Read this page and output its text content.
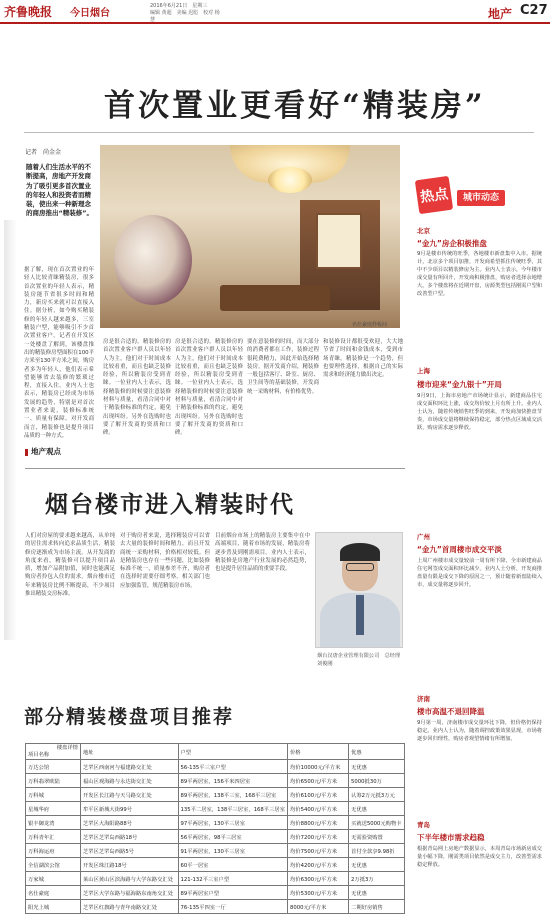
齐鲁晚报 今日烟台
2016年6月21日　星期三
编辑 黄超　美编 迟彪　校对 杨慧	地产 C27
首次置业更看好“精装房”
记者　尚金金
随着人们生活水平的不断提高，房地产开发商为了吸引更多首次置业的年轻人和投资者而精装，使出来一种新理念的商房推出“精装修”。
据了解，现在首次置业的年轻人比较青睐精装房，很多首次置业的年轻人表示，精装房能节省很多时间和精力，新房买来就可以直接入住。据分析，如今购买精装修的年轻人越来越多，三室精装户型，能够吸引不少首次置业客户。记者在开发区一处楼盘了解到，该楼盘推出的精装修房型面积在100平方米至130平方米之间，购房者多为年轻人，他们表示希望能够省去装修的繁琐过程，直接入住。业内人士也表示，精装房已经成为市场发展的趋势，特别是对首次置业者来说，装修标准统一、质量有保障。对开发商而言，精装修也是提升项目品质的一种方式。
名仕豪庭样板间
房是很合适的。精装修房的首次置业客户群人员以年轻人为主，他们对于时间成本比较看重，而且也缺乏装修经验，所以精装房受到青睐。一位业内人士表示，选择精装修的时候要注意装修材料与质量，看清合同中对于精装修标准的约定，避免出现纠纷。另外在选购时也要了解开发商的资质和口碑。
房是很合适的。精装修房的首次置业客户群人员以年轻人为主，他们对于时间成本比较看重，而且也缺乏装修经验，所以精装房受到青睐。一位业内人士表示，选择精装修的时候要注意装修材料与质量，看清合同中对于精装修标准的约定，避免出现纠纷。另外在选购时也要了解开发商的资质和口碑。
要在意装修的时间，而大部分的消费者都在工作，装修过程很耗费精力，因此开始选择精装房。据开发商介绍，精装修一般包括客厅、卧室、厨房、卫生间等的基础装修，开发商统一采购材料，有价格优势。
和装修设计都很受欢迎，大大地节省了时间和金钱成本，受到市场青睐。精装修是一个趋势，但也要理性选择，根据自己的实际需求和经济能力做出决定。
热点	城市动态
北京
“金九”房企积极推盘
9月是楼市传统的旺季，各地楼市新盘集中入市。据统计，北京多个项目加推，开发商希望抓住传统旺季，其中不少项目以精装修房为主。业内人士表示，今年楼市成交量有所回升，开发商积极推盘，购房者选择余地增大。多个楼盘将在近期开盘，房源类型包括刚需户型和改善型户型。
上海
楼市迎来“金九银十”开局
9月9日，上海市房地产市场统计显示，新建商品住宅成交面积环比上涨，成交均价较上月有所上升。业内人士认为，随着传统销售旺季的到来，开发商加快推盘节奏，市场成交量将继续保持稳定，部分热点区域成交活跃，购房需求逐步释放。
广州
“金九”首周楼市成交平淡
上周广州楼市成交量较前一周有所下降，全市新建商品住宅网签成交面积环比减少。业内人士分析，开发商推盘量有限是成交下降的原因之一，预计随着新盘陆续入市，成交量将逐步回升。
济南
楼市高温不退回降温
9月第一周，济南楼市成交量环比下降，但价格仍保持稳定。业内人士认为，随着调控政策效果显现，市场将逐步回归理性，购房者观望情绪有所增加。
青岛
下半年楼市需求趋稳
根据青岛网上房地产数据显示，本周青岛市场新房成交量小幅下降，刚需类项目依然是成交主力，改善型需求稳定释放。
地产观点
烟台楼市进入精装时代
人们对房屋的要求越来越高，从单纯的居住需求转向追求品质生活，精装修房逐渐成为市场主流。从开发商的角度来看，精装修可以提升项目品质，增加产品附加值，同时也能满足购房者拎包入住的需求。烟台楼市近年来精装房比例不断提高，不少项目推出精装交房标准。
对于购房者来说，选择精装房可以省去大量的装修时间和精力，而且开发商统一采购材料，价格相对较低。但是精装房也存在一些问题，比如装修标准不统一，质量参差不齐，购房者在选择时需要仔细考察。相关部门也应加强监管，规范精装房市场。
目前烟台市场上的精装房主要集中在中高端项目，随着市场的发展，精装房将逐步普及到刚需项目。业内人士表示，精装修是房地产行业发展的必然趋势，也是提升居住品质的重要手段。
烟台汉唐企业管理有限公司　总经理　刘俊刚
部分精装楼盘项目推荐
楼盘详情
项目名称	地址	户型	价格	优惠
万达公馆	芝罘区西南河与福建路交汇处	56-135平三室户型	均价10000元/平方米	无优惠
万科翡翠欧陆	福山区观海路与永达街交汇处	89平两居室，156平米四居室	均价6500元/平方米	5000抵30万
万科城	开发区长江路与天马路交汇处	89平两居室，138平三室，168平三居室	均价6100元/平方米	认筹2万元抵3万元
星城华府	牟平区新城大街99号	135平二居室，138平三居室，168平三居室	均价5400元/平方米	无优惠
银丰御龙湾	芝罘区大海阳路88号	97平两居室，130平三居室	均价8800元/平方米	买就送5000元购物卡
万科青年汇	芝罘区芝罘岛西路18号	56平两居室，98平三居室	均价7200元/平方米	无需验资购置
万科海运府	芝罘区芝罘岛西路5号	91平两居室，130平三居室	均价7500元/平方米	首付全款享9.98折
全信湖滨公馆	开发区珠江路18号	60平一居室	均价4200元/平方米	无优惠
万家城	莱山区黄山区滨海路与大学东路交汇处	121-132平三室户型	均价6300元/平方米	2万抵3万
名仕豪庭	芝罘区大学东路与福海路东南角交汇处	89平两居室户型	均价5300元/平方米	无优惠
阳光上城	芝罘区红旗路与青年南路交汇处	76-135平四室一厅	8000元/平方米	二期好房销售
